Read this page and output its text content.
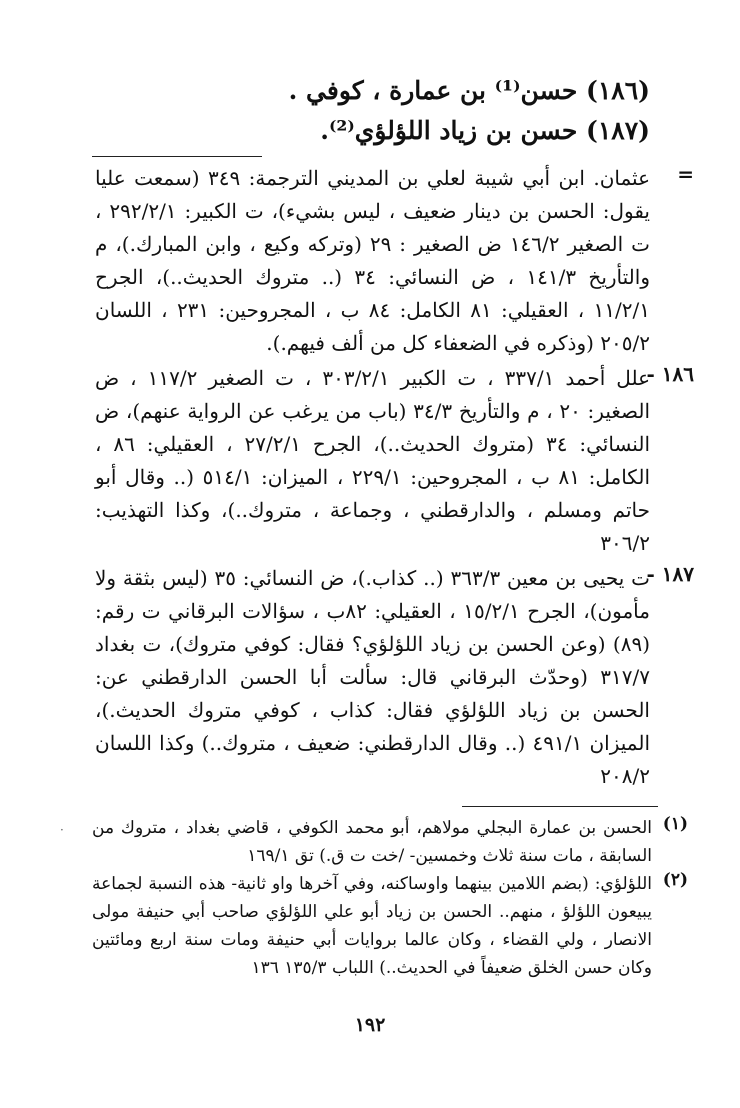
(١٨٦) حسن⁽¹⁾ بن عمارة ، كوفي .
(١٨٧) حسن بن زياد اللؤلؤي⁽²⁾.
=
عثمان. ابن أبي شيبة لعلي بن المديني الترجمة: ٣٤٩ (سمعت عليا يقول: الحسن بن دينار ضعيف ، ليس بشيء)، ت الكبير: ٢٩٢/٢/١ ، ت الصغير ١٤٦/٢ ض الصغير : ٢٩ (وتركه وكيع ، وابن المبارك.)، م والتأريخ ١٤١/٣ ، ض النسائي: ٣٤ (.. متروك الحديث..)، الجرح ١١/٢/١ ، العقيلي: ٨١ الكامل: ٨٤ ب ، المجروحين: ٢٣١ ، اللسان ٢٠٥/٢ (وذكره في الضعفاء كل من ألف فيهم.).
١٨٦ -
علل أحمد ٣٣٧/١ ، ت الكبير ٣٠٣/٢/١ ، ت الصغير ١١٧/٢ ، ض الصغير: ٢٠ ، م والتأريخ ٣٤/٣ (باب من يرغب عن الرواية عنهم)، ض النسائي: ٣٤ (متروك الحديث..)، الجرح ٢٧/٢/١ ، العقيلي: ٨٦ ، الكامل: ٨١ ب ، المجروحين: ٢٢٩/١ ، الميزان: ٥١٤/١ (.. وقال أبو حاتم ومسلم ، والدارقطني ، وجماعة ، متروك..)، وكذا التهذيب: ٣٠٦/٢
١٨٧ -
ت يحيى بن معين ٣٦٣/٣ (.. كذاب.)، ض النسائي: ٣٥ (ليس بثقة ولا مأمون)، الجرح ١٥/٢/١ ، العقيلي: ٨٢ب ، سؤالات البرقاني ت رقم: (٨٩) (وعن الحسن بن زياد اللؤلؤي؟ فقال: كوفي متروك)، ت بغداد ٣١٧/٧ (وحدّث البرقاني قال: سألت أبا الحسن الدارقطني عن: الحسن بن زياد اللؤلؤي فقال: كذاب ، كوفي متروك الحديث.)، الميزان ٤٩١/١ (.. وقال الدارقطني: ضعيف ، متروك..) وكذا اللسان ٢٠٨/٢
(١)
الحسن بن عمارة البجلي مولاهم، أبو محمد الكوفي ، قاضي بغداد ، متروك من السابقة ، مات سنة ثلاث وخمسين- /خت ت ق.) تق ١٦٩/١
(٢)
اللؤلؤي: (بضم اللامين بينهما واوساكنه، وفي آخرها واو ثانية- هذه النسبة لجماعة يبيعون اللؤلؤ ، منهم.. الحسن بن زياد أبو علي اللؤلؤي صاحب أبي حنيفة مولى الانصار ، ولي القضاء ، وكان عالما بروايات أبي حنيفة ومات سنة اربع ومائتين وكان حسن الخلق ضعيفاً في الحديث..) اللباب ١٣٥/٣ ١٣٦
·
١٩٢
